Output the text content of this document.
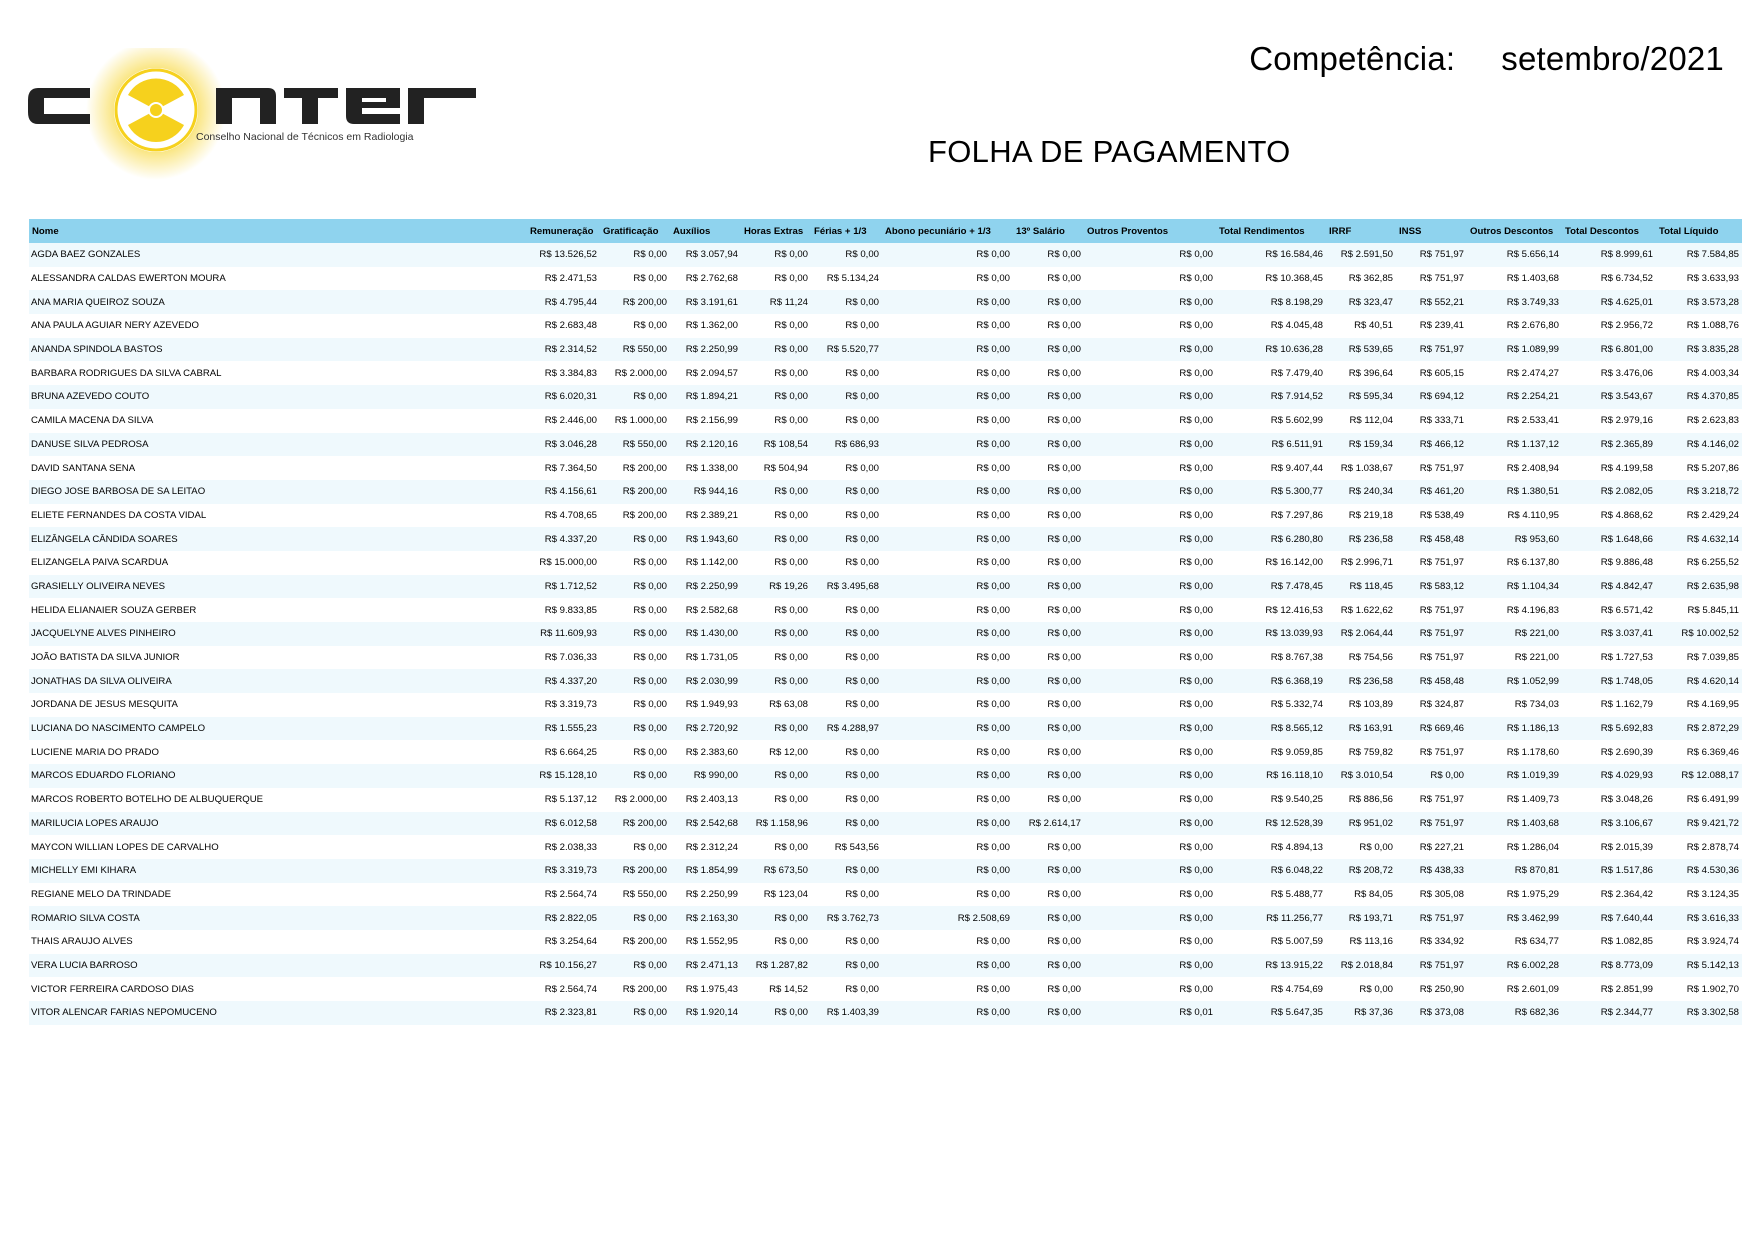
Conselho Nacional de Técnicos em Radiologia
Competência: setembro/2021
FOLHA DE PAGAMENTO
Nome	Remuneração	Gratificação	Auxílios	Horas Extras	Férias + 1/3	Abono pecuniário + 1/3	13º Salário	Outros Proventos	Total Rendimentos	IRRF	INSS	Outros Descontos	Total Descontos	Total Líquido
AGDA BAEZ GONZALES	R$ 13.526,52	R$ 0,00	R$ 3.057,94	R$ 0,00	R$ 0,00	R$ 0,00	R$ 0,00	R$ 0,00	R$ 16.584,46	R$ 2.591,50	R$ 751,97	R$ 5.656,14	R$ 8.999,61	R$ 7.584,85
ALESSANDRA CALDAS EWERTON MOURA	R$ 2.471,53	R$ 0,00	R$ 2.762,68	R$ 0,00	R$ 5.134,24	R$ 0,00	R$ 0,00	R$ 0,00	R$ 10.368,45	R$ 362,85	R$ 751,97	R$ 1.403,68	R$ 6.734,52	R$ 3.633,93
ANA MARIA QUEIROZ SOUZA	R$ 4.795,44	R$ 200,00	R$ 3.191,61	R$ 11,24	R$ 0,00	R$ 0,00	R$ 0,00	R$ 0,00	R$ 8.198,29	R$ 323,47	R$ 552,21	R$ 3.749,33	R$ 4.625,01	R$ 3.573,28
ANA PAULA AGUIAR NERY AZEVEDO	R$ 2.683,48	R$ 0,00	R$ 1.362,00	R$ 0,00	R$ 0,00	R$ 0,00	R$ 0,00	R$ 0,00	R$ 4.045,48	R$ 40,51	R$ 239,41	R$ 2.676,80	R$ 2.956,72	R$ 1.088,76
ANANDA SPINDOLA BASTOS	R$ 2.314,52	R$ 550,00	R$ 2.250,99	R$ 0,00	R$ 5.520,77	R$ 0,00	R$ 0,00	R$ 0,00	R$ 10.636,28	R$ 539,65	R$ 751,97	R$ 1.089,99	R$ 6.801,00	R$ 3.835,28
BARBARA RODRIGUES DA SILVA CABRAL	R$ 3.384,83	R$ 2.000,00	R$ 2.094,57	R$ 0,00	R$ 0,00	R$ 0,00	R$ 0,00	R$ 0,00	R$ 7.479,40	R$ 396,64	R$ 605,15	R$ 2.474,27	R$ 3.476,06	R$ 4.003,34
BRUNA AZEVEDO COUTO	R$ 6.020,31	R$ 0,00	R$ 1.894,21	R$ 0,00	R$ 0,00	R$ 0,00	R$ 0,00	R$ 0,00	R$ 7.914,52	R$ 595,34	R$ 694,12	R$ 2.254,21	R$ 3.543,67	R$ 4.370,85
CAMILA MACENA DA SILVA	R$ 2.446,00	R$ 1.000,00	R$ 2.156,99	R$ 0,00	R$ 0,00	R$ 0,00	R$ 0,00	R$ 0,00	R$ 5.602,99	R$ 112,04	R$ 333,71	R$ 2.533,41	R$ 2.979,16	R$ 2.623,83
DANUSE SILVA PEDROSA	R$ 3.046,28	R$ 550,00	R$ 2.120,16	R$ 108,54	R$ 686,93	R$ 0,00	R$ 0,00	R$ 0,00	R$ 6.511,91	R$ 159,34	R$ 466,12	R$ 1.137,12	R$ 2.365,89	R$ 4.146,02
DAVID SANTANA SENA	R$ 7.364,50	R$ 200,00	R$ 1.338,00	R$ 504,94	R$ 0,00	R$ 0,00	R$ 0,00	R$ 0,00	R$ 9.407,44	R$ 1.038,67	R$ 751,97	R$ 2.408,94	R$ 4.199,58	R$ 5.207,86
DIEGO JOSE BARBOSA DE SA LEITAO	R$ 4.156,61	R$ 200,00	R$ 944,16	R$ 0,00	R$ 0,00	R$ 0,00	R$ 0,00	R$ 0,00	R$ 5.300,77	R$ 240,34	R$ 461,20	R$ 1.380,51	R$ 2.082,05	R$ 3.218,72
ELIETE FERNANDES DA COSTA VIDAL	R$ 4.708,65	R$ 200,00	R$ 2.389,21	R$ 0,00	R$ 0,00	R$ 0,00	R$ 0,00	R$ 0,00	R$ 7.297,86	R$ 219,18	R$ 538,49	R$ 4.110,95	R$ 4.868,62	R$ 2.429,24
ELIZÂNGELA CÂNDIDA SOARES	R$ 4.337,20	R$ 0,00	R$ 1.943,60	R$ 0,00	R$ 0,00	R$ 0,00	R$ 0,00	R$ 0,00	R$ 6.280,80	R$ 236,58	R$ 458,48	R$ 953,60	R$ 1.648,66	R$ 4.632,14
ELIZANGELA PAIVA SCARDUA	R$ 15.000,00	R$ 0,00	R$ 1.142,00	R$ 0,00	R$ 0,00	R$ 0,00	R$ 0,00	R$ 0,00	R$ 16.142,00	R$ 2.996,71	R$ 751,97	R$ 6.137,80	R$ 9.886,48	R$ 6.255,52
GRASIELLY OLIVEIRA NEVES	R$ 1.712,52	R$ 0,00	R$ 2.250,99	R$ 19,26	R$ 3.495,68	R$ 0,00	R$ 0,00	R$ 0,00	R$ 7.478,45	R$ 118,45	R$ 583,12	R$ 1.104,34	R$ 4.842,47	R$ 2.635,98
HELIDA ELIANAIER SOUZA GERBER	R$ 9.833,85	R$ 0,00	R$ 2.582,68	R$ 0,00	R$ 0,00	R$ 0,00	R$ 0,00	R$ 0,00	R$ 12.416,53	R$ 1.622,62	R$ 751,97	R$ 4.196,83	R$ 6.571,42	R$ 5.845,11
JACQUELYNE ALVES PINHEIRO	R$ 11.609,93	R$ 0,00	R$ 1.430,00	R$ 0,00	R$ 0,00	R$ 0,00	R$ 0,00	R$ 0,00	R$ 13.039,93	R$ 2.064,44	R$ 751,97	R$ 221,00	R$ 3.037,41	R$ 10.002,52
JOÃO BATISTA DA SILVA JUNIOR	R$ 7.036,33	R$ 0,00	R$ 1.731,05	R$ 0,00	R$ 0,00	R$ 0,00	R$ 0,00	R$ 0,00	R$ 8.767,38	R$ 754,56	R$ 751,97	R$ 221,00	R$ 1.727,53	R$ 7.039,85
JONATHAS DA SILVA OLIVEIRA	R$ 4.337,20	R$ 0,00	R$ 2.030,99	R$ 0,00	R$ 0,00	R$ 0,00	R$ 0,00	R$ 0,00	R$ 6.368,19	R$ 236,58	R$ 458,48	R$ 1.052,99	R$ 1.748,05	R$ 4.620,14
JORDANA DE JESUS MESQUITA	R$ 3.319,73	R$ 0,00	R$ 1.949,93	R$ 63,08	R$ 0,00	R$ 0,00	R$ 0,00	R$ 0,00	R$ 5.332,74	R$ 103,89	R$ 324,87	R$ 734,03	R$ 1.162,79	R$ 4.169,95
LUCIANA DO NASCIMENTO CAMPELO	R$ 1.555,23	R$ 0,00	R$ 2.720,92	R$ 0,00	R$ 4.288,97	R$ 0,00	R$ 0,00	R$ 0,00	R$ 8.565,12	R$ 163,91	R$ 669,46	R$ 1.186,13	R$ 5.692,83	R$ 2.872,29
LUCIENE MARIA DO PRADO	R$ 6.664,25	R$ 0,00	R$ 2.383,60	R$ 12,00	R$ 0,00	R$ 0,00	R$ 0,00	R$ 0,00	R$ 9.059,85	R$ 759,82	R$ 751,97	R$ 1.178,60	R$ 2.690,39	R$ 6.369,46
MARCOS EDUARDO FLORIANO	R$ 15.128,10	R$ 0,00	R$ 990,00	R$ 0,00	R$ 0,00	R$ 0,00	R$ 0,00	R$ 0,00	R$ 16.118,10	R$ 3.010,54	R$ 0,00	R$ 1.019,39	R$ 4.029,93	R$ 12.088,17
MARCOS ROBERTO BOTELHO DE ALBUQUERQUE	R$ 5.137,12	R$ 2.000,00	R$ 2.403,13	R$ 0,00	R$ 0,00	R$ 0,00	R$ 0,00	R$ 0,00	R$ 9.540,25	R$ 886,56	R$ 751,97	R$ 1.409,73	R$ 3.048,26	R$ 6.491,99
MARILUCIA LOPES ARAUJO	R$ 6.012,58	R$ 200,00	R$ 2.542,68	R$ 1.158,96	R$ 0,00	R$ 0,00	R$ 2.614,17	R$ 0,00	R$ 12.528,39	R$ 951,02	R$ 751,97	R$ 1.403,68	R$ 3.106,67	R$ 9.421,72
MAYCON WILLIAN LOPES DE CARVALHO	R$ 2.038,33	R$ 0,00	R$ 2.312,24	R$ 0,00	R$ 543,56	R$ 0,00	R$ 0,00	R$ 0,00	R$ 4.894,13	R$ 0,00	R$ 227,21	R$ 1.286,04	R$ 2.015,39	R$ 2.878,74
MICHELLY EMI KIHARA	R$ 3.319,73	R$ 200,00	R$ 1.854,99	R$ 673,50	R$ 0,00	R$ 0,00	R$ 0,00	R$ 0,00	R$ 6.048,22	R$ 208,72	R$ 438,33	R$ 870,81	R$ 1.517,86	R$ 4.530,36
REGIANE MELO DA TRINDADE	R$ 2.564,74	R$ 550,00	R$ 2.250,99	R$ 123,04	R$ 0,00	R$ 0,00	R$ 0,00	R$ 0,00	R$ 5.488,77	R$ 84,05	R$ 305,08	R$ 1.975,29	R$ 2.364,42	R$ 3.124,35
ROMARIO SILVA COSTA	R$ 2.822,05	R$ 0,00	R$ 2.163,30	R$ 0,00	R$ 3.762,73	R$ 2.508,69	R$ 0,00	R$ 0,00	R$ 11.256,77	R$ 193,71	R$ 751,97	R$ 3.462,99	R$ 7.640,44	R$ 3.616,33
THAIS ARAUJO ALVES	R$ 3.254,64	R$ 200,00	R$ 1.552,95	R$ 0,00	R$ 0,00	R$ 0,00	R$ 0,00	R$ 0,00	R$ 5.007,59	R$ 113,16	R$ 334,92	R$ 634,77	R$ 1.082,85	R$ 3.924,74
VERA LUCIA BARROSO	R$ 10.156,27	R$ 0,00	R$ 2.471,13	R$ 1.287,82	R$ 0,00	R$ 0,00	R$ 0,00	R$ 0,00	R$ 13.915,22	R$ 2.018,84	R$ 751,97	R$ 6.002,28	R$ 8.773,09	R$ 5.142,13
VICTOR FERREIRA CARDOSO DIAS	R$ 2.564,74	R$ 200,00	R$ 1.975,43	R$ 14,52	R$ 0,00	R$ 0,00	R$ 0,00	R$ 0,00	R$ 4.754,69	R$ 0,00	R$ 250,90	R$ 2.601,09	R$ 2.851,99	R$ 1.902,70
VITOR ALENCAR FARIAS NEPOMUCENO	R$ 2.323,81	R$ 0,00	R$ 1.920,14	R$ 0,00	R$ 1.403,39	R$ 0,00	R$ 0,00	R$ 0,01	R$ 5.647,35	R$ 37,36	R$ 373,08	R$ 682,36	R$ 2.344,77	R$ 3.302,58
